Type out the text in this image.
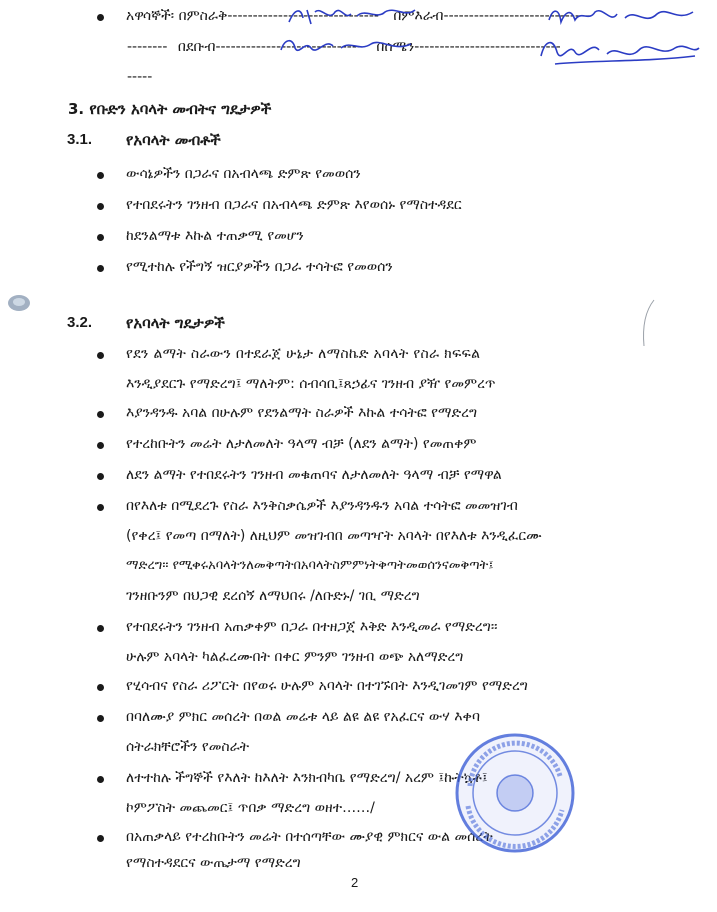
አዋሳኞች፡ በምስራቅ------------------------------ በምእራብ-----------------------------
-------- በደቡብ----------------------------- በሰሜን-----------------------------
-----
3. የቡድን አባላት መብትና ግዴታዎች
3.1. የአባላት መብቶች
ውሳኔዎችን በጋራና በአብላጫ ድምጽ የመወሰን
የተበደሩትን ገንዘብ በጋራና በአብላጫ ድምጽ እየወሰኑ የማስተዳደር
ከደንልማቱ እኩል ተጠቃሚ የመሆን
የሚተከሉ የችግኝ ዝርያዎችን በጋራ ተሳትፎ የመወሰን
3.2. የአባላት ግዴታዎች
የደን ልማት ስራውን በተደራጀ ሁኔታ ለማስኬድ አባላት የስራ ክፍፍል
እንዲያደርጉ የማድረግ፤ ማለትም: ሰብሳቢ፤ጸኃፊና ገንዘብ ያዥ የመምረጥ
እያንዳንዱ አባል በሁሉም የደንልማት ስራዎች እኩል ተሳትፎ የማድረግ
የተረከቡትን መሬት ለታለመለት ዓላማ ብቻ (ለደን ልማት) የመጠቀም
ለደን ልማት የተበደሩትን ገንዘብ መቁጠባና ለታለመለት ዓላማ ብቻ የማዋል
በየእለቱ በሚደረጉ የስራ እንቅስቃሴዎች እያንዳንዱን አባል ተሳትፎ መመዝገብ
(የቀረ፤ የመጣ በማለት) ለዚህም መዝገብበ መጣዣት አባላት በየእለቱ እንዲፈርሙ
ማድረግ፡፡ የሚቀሩአባላትንለመቅጣትበአባላትስምምነትቅጣትመወሰንናመቅጣት፤
ገንዘቡንም በህጋዊ ደረሰኝ ለማህበሩ /ለቡድኑ/ ገቢ ማድረግ
የተበደሩትን ገንዘብ አጠቃቀም በጋራ በተዘጋጀ እቅድ እንዲመራ የማድረግ፡፡
ሁሉም አባላት ካልፈረሙበት በቀር ምንም ገንዘብ ወጭ አለማድረግ
የሂሳብና የስራ ሪፖርት በየወሩ ሁሉም አባላት በተገኙበት እንዲገመገም የማድረግ
በባለሙያ ምክር መሰረት በወል መሬቱ ላይ ልዩ ልዩ የአፈርና ውሃ እቀባ
ሰትራክቸሮችን የመስራት
ለተተከሉ ችግኞች የእለት ከእለት እንክብካቤ የማድረግ/ አረም ፤ኩትኳቶ፤
ኮምፖስት መጨመር፤ ጥበቃ ማድረግ ወዘተ……/
በአጠቃላይ የተረከቡትን መሬት በተሰጣቸው ሙያዊ ምክርና ውል መሰረት
የማስተዳደርና ውጤታማ የማድረግ
2
